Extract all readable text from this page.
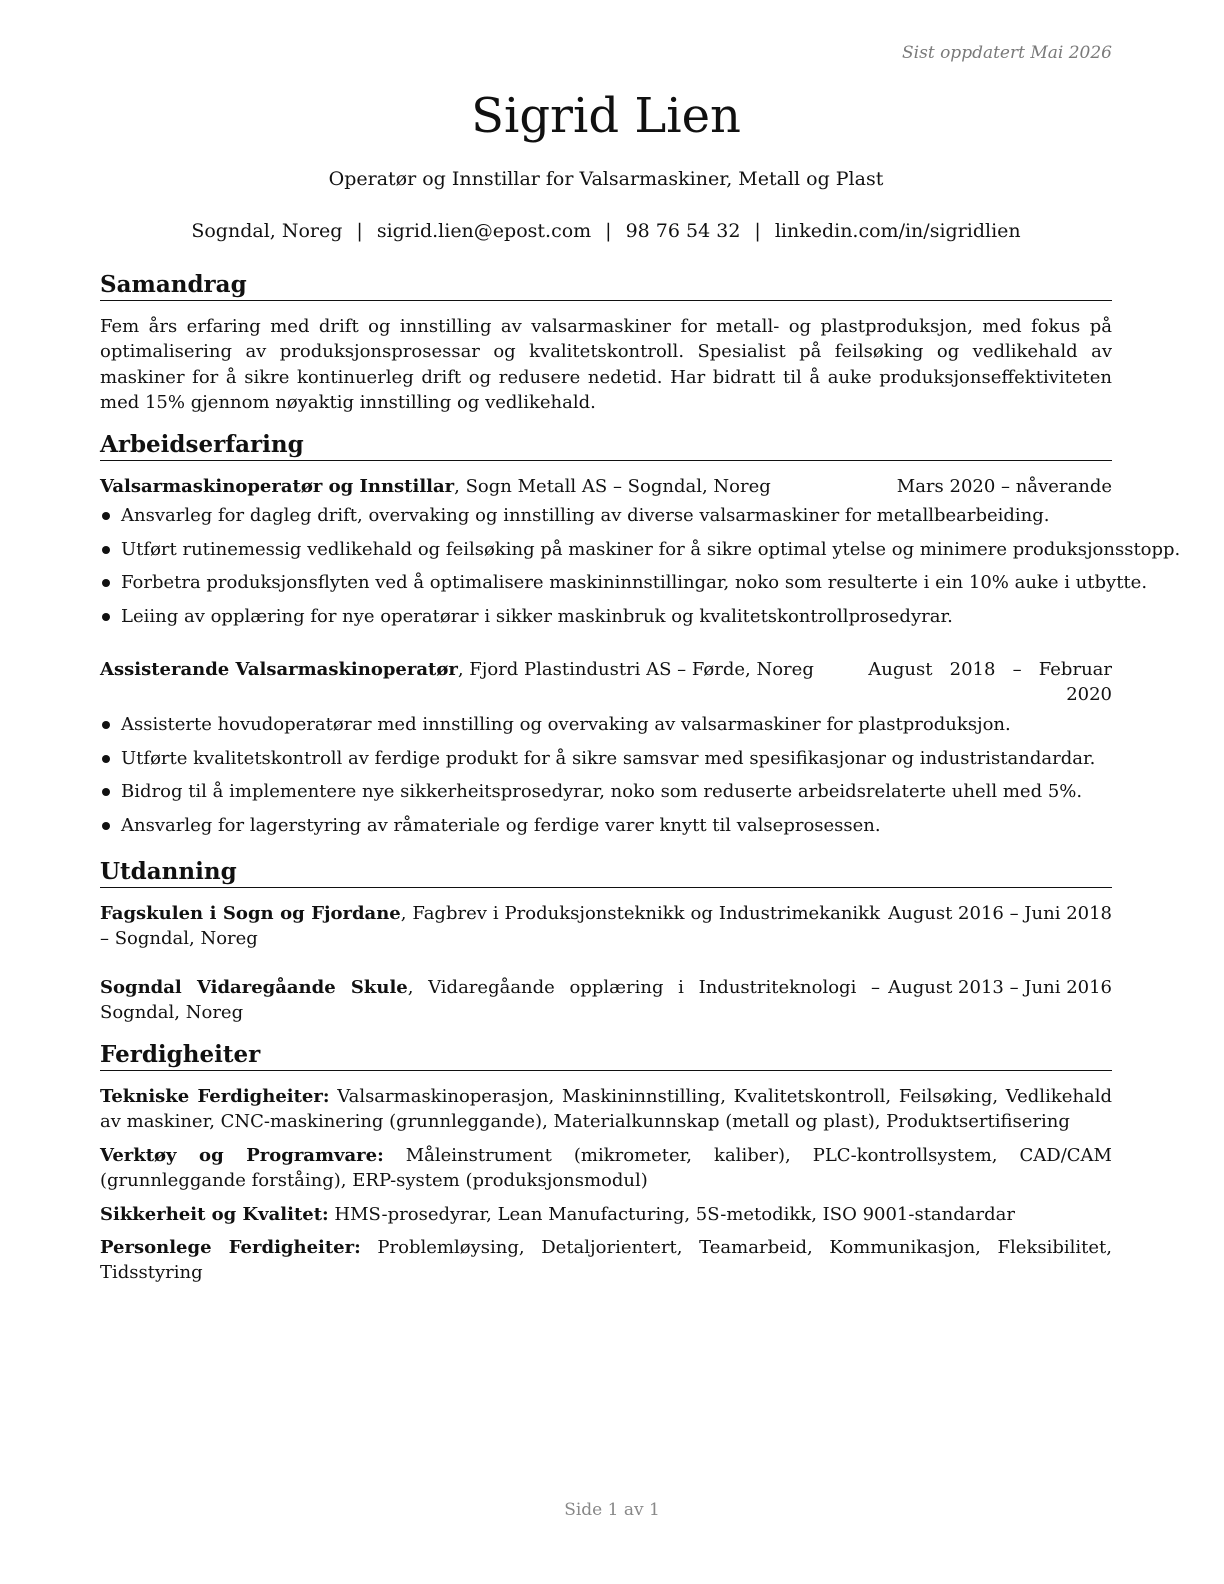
Sist oppdatert Mai 2026
Sigrid Lien
Operatør og Innstillar for Valsarmaskiner, Metall og Plast
Sogndal, Noreg | sigrid.lien@epost.com | 98 76 54 32 | linkedin.com/in/sigridlien
Samandrag
Fem års erfaring med drift og innstilling av valsarmaskiner for metall- og plastproduksjon, med fokus på optimalisering av produksjonsprosessar og kvalitetskontroll. Spesialist på feilsøking og vedlikehald av maskiner for å sikre kontinuerleg drift og redusere nedetid. Har bidratt til å auke produksjonseffektiviteten med 15% gjennom nøyaktig innstilling og vedlikehald.
Arbeidserfaring
Valsarmaskinoperatør og Innstillar, Sogn Metall AS – Sogndal, Noreg	Mars 2020 – nåverande
Ansvarleg for dagleg drift, overvaking og innstilling av diverse valsarmaskiner for metallbearbeiding.
Utført rutinemessig vedlikehald og feilsøking på maskiner for å sikre optimal ytelse og minimere produksjonsstopp.
Forbetra produksjonsflyten ved å optimalisere maskininnstillingar, noko som resulterte i ein 10% auke i utbytte.
Leiing av opplæring for nye operatørar i sikker maskinbruk og kvalitetskontrollprosedyrar.
Assisterande Valsarmaskinoperatør, Fjord Plastindustri AS – Førde, Noreg	August   2018   –   Februar
2020
Assisterte hovudoperatørar med innstilling og overvaking av valsarmaskiner for plastproduksjon.
Utførte kvalitetskontroll av ferdige produkt for å sikre samsvar med spesifikasjonar og industristandardar.
Bidrog til å implementere nye sikkerheitsprosedyrar, noko som reduserte arbeidsrelaterte uhell med 5%.
Ansvarleg for lagerstyring av råmateriale og ferdige varer knytt til valseprosessen.
Utdanning
Fagskulen i Sogn og Fjordane, Fagbrev i Produksjonsteknikk og Industrimekanikk – Sogndal, Noreg
August 2016 – Juni 2018
Sogndal Vidaregåande Skule, Vidaregåande opplæring i Industriteknologi – Sogndal, Noreg
August 2013 – Juni 2016
Ferdigheiter
Tekniske Ferdigheiter: Valsarmaskinoperasjon, Maskininnstilling, Kvalitetskontroll, Feilsøking, Vedlikehald av maskiner, CNC-maskinering (grunnleggande), Materialkunnskap (metall og plast), Produktsertifisering
Verktøy og Programvare: Måleinstrument (mikrometer, kaliber), PLC-kontrollsystem, CAD/CAM (grunnleggande forståing), ERP-system (produksjonsmodul)
Sikkerheit og Kvalitet: HMS-prosedyrar, Lean Manufacturing, 5S-metodikk, ISO 9001-standardar
Personlege Ferdigheiter: Problemløysing, Detaljorientert, Teamarbeid, Kommunikasjon, Fleksibilitet, Tidsstyring
Side 1 av 1
